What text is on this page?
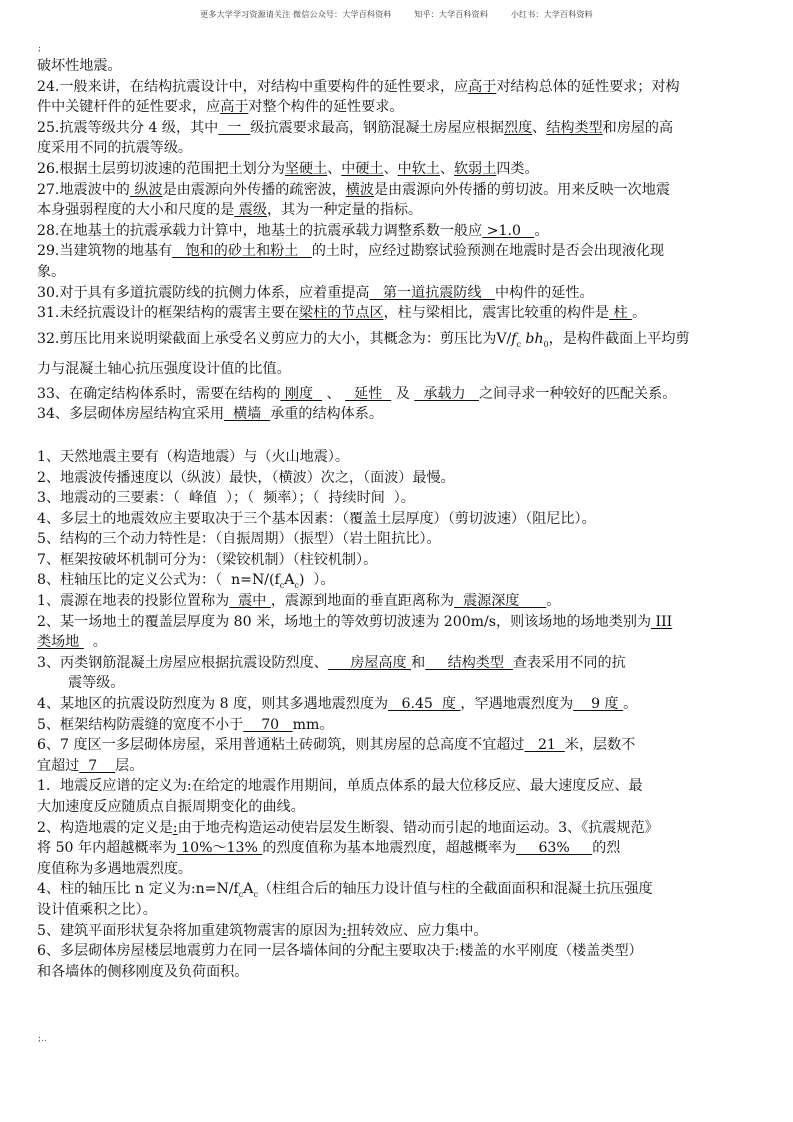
更多大学学习资源请关注 微信公众号：大学百科资料	知乎：大学百科资料	小红书：大学百科资料
;

破坏性地震。

24.一般来讲，在结构抗震设计中，对结构中重要构件的延性要求，应高于对结构总体的延性要求；对构

件中关键杆件的延性要求，应高于对整个构件的延性要求。

25.抗震等级共分 4 级，其中  一  级抗震要求最高，钢筋混凝土房屋应根据烈度、结构类型和房屋的高

度采用不同的抗震等级。

26.根据土层剪切波速的范围把土划分为坚硬土、中硬土、中软土、软弱土四类。

27.地震波中的 纵波是由震源向外传播的疏密波，横波是由震源向外传播的剪切波。用来反映一次地震

本身强弱程度的大小和尺度的是 震级，其为一种定量的指标。

28.在地基土的抗震承载力计算中，地基土的抗震承载力调整系数一般应 >1.0   。

29.当建筑物的地基有   饱和的砂土和粉土   的土时，应经过勘察试验预测在地震时是否会出现液化现

象。

30.对于具有多道抗震防线的抗侧力体系，应着重提高   第一道抗震防线   中构件的延性。

31.未经抗震设计的框架结构的震害主要在梁柱的节点区，柱与梁相比，震害比较重的构件是 柱 。

32.剪压比用来说明梁截面上承受名义剪应力的大小，其概念为：剪压比为$V/f_c$ $bh_0$，是构件截面上平均剪

力与混凝土轴心抗压强度设计值的比值。

33、在确定结构体系时，需要在结构的 刚度   、   延性   及   承载力   之间寻求一种较好的匹配关系。

34、多层砌体房屋结构宜采用  横墙  承重的结构体系。

1、天然地震主要有（构造地震）与（火山地震）。

2、地震波传播速度以（纵波）最快，（横波）次之，（面波）最慢。

3、地震动的三要素：（  峰值  ）；（  频率）；（  持续时间  ）。

4、多层土的地震效应主要取决于三个基本因素：（覆盖土层厚度）（剪切波速）（阻尼比）。

5、结构的三个动力特性是：（自振周期）（振型）（岩土阻抗比）。

7、框架按破坏机制可分为：（梁铰机制）（柱铰机制）。

8、柱轴压比的定义公式为：（  $n=N/(f_cA_c)$  ）。

1、震源在地表的投影位置称为  震中 ，震源到地面的垂直距离称为  震源深度      。

2、某一场地土的覆盖层厚度为 80 米，场地土的等效剪切波速为 200m/s，则该场地的场地类别为 III

类场地   。

3、丙类钢筋混凝土房屋应根据抗震设防烈度、     房屋高度 和     结构类型  查表采用不同的抗

震等级。

4、某地区的抗震设防烈度为 8 度，则其多遇地震烈度为   6.45  度 ，罕遇地震烈度为    9 度 。

5、框架结构防震缝的宽度不小于    70   mm。

6、7 度区一多层砌体房屋，采用普通粘土砖砌筑，则其房屋的总高度不宜超过   21  米，层数不

宜超过  7    层。

1．地震反应谱的定义为:在给定的地震作用期间，单质点体系的最大位移反应、最大速度反应、最

大加速度反应随质点自振周期变化的曲线。

2、构造地震的定义是:由于地壳构造运动使岩层发生断裂、错动而引起的地面运动。3、《抗震规范》

将 50 年内超越概率为 10%～13% 的烈度值称为基本地震烈度，超越概率为     63%     的烈

度值称为多遇地震烈度。

4、柱的轴压比 n 定义为$:n=N/f_cA_c$（柱组合后的轴压力设计值与柱的全截面面积和混凝土抗压强度

设计值乘积之比）。

5、建筑平面形状复杂将加重建筑物震害的原因为:扭转效应、应力集中。

6、多层砌体房屋楼层地震剪力在同一层各墙体间的分配主要取决于:楼盖的水平刚度（楼盖类型）

和各墙体的侧移刚度及负荷面积。

;..
